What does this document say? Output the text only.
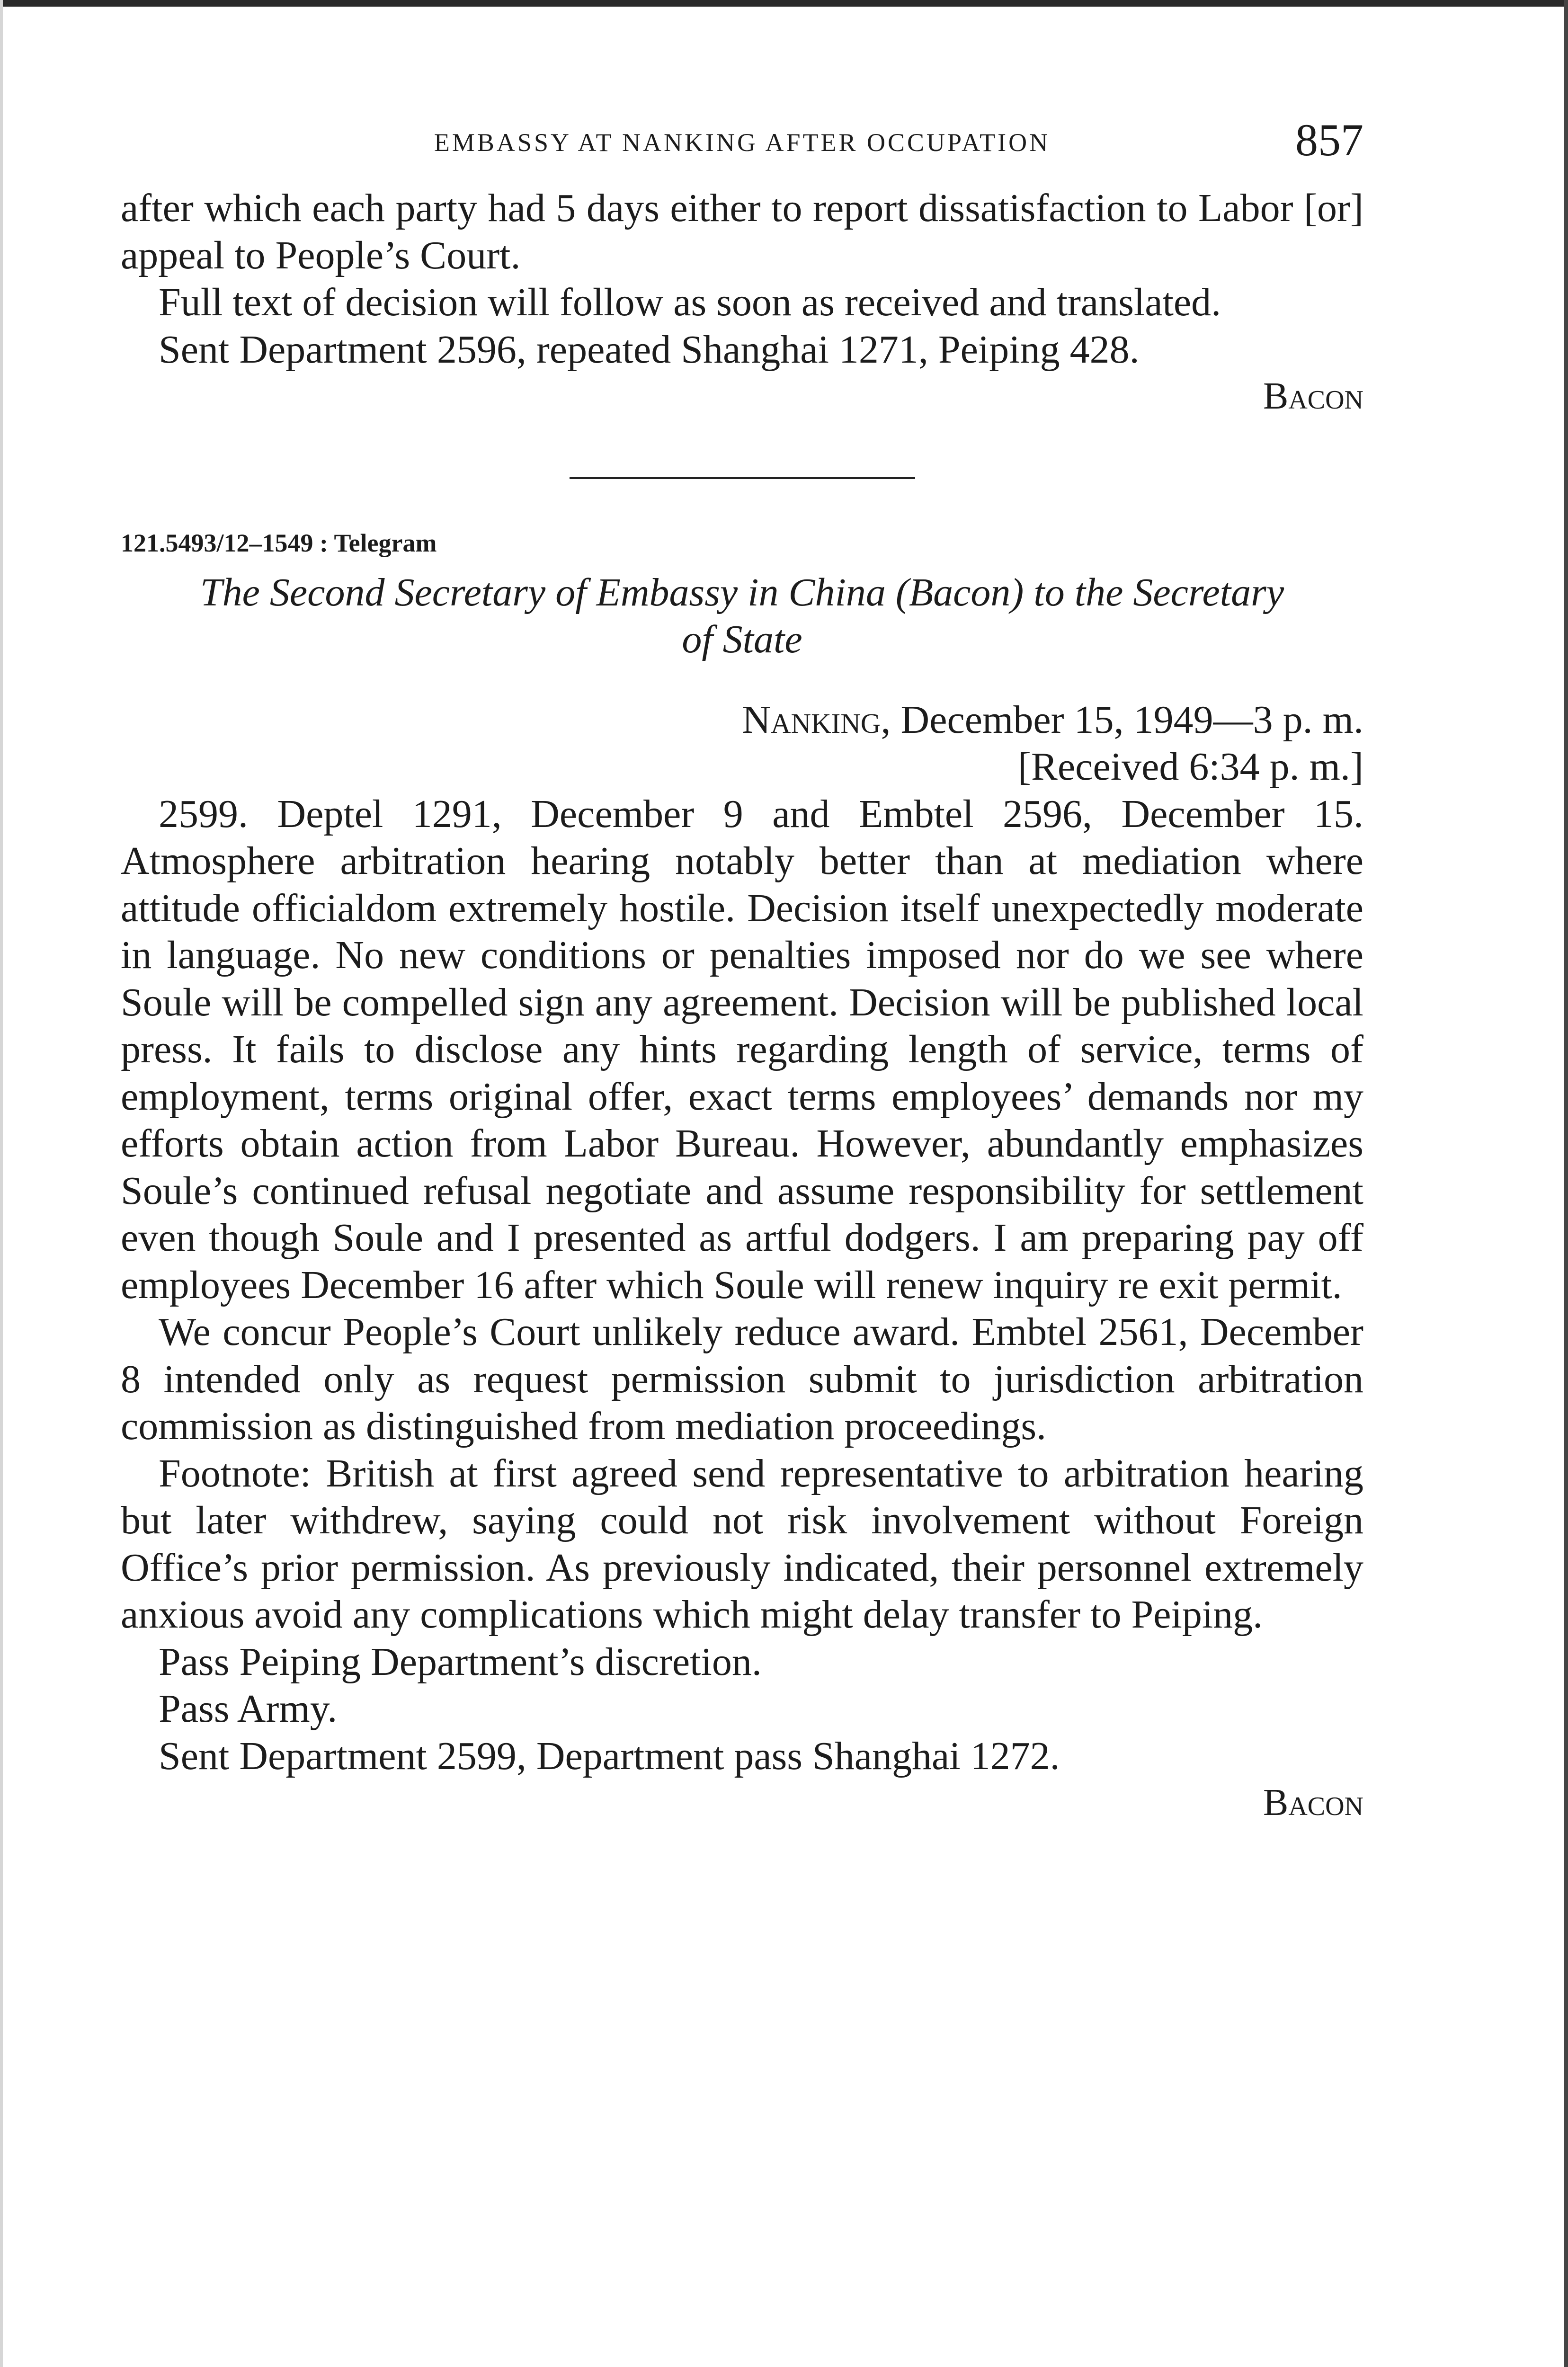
EMBASSY AT NANKING AFTER OCCUPATION	857

after which each party had 5 days either to report dissatisfaction to Labor [or] appeal to People’s Court.

Full text of decision will follow as soon as received and translated.

Sent Department 2596, repeated Shanghai 1271, Peiping 428.

Bacon

121.5493/12–1549 : Telegram
The Second Secretary of Embassy in China (Bacon) to the Secretary
of State

Nanking, December 15, 1949—3 p. m.

[Received 6:34 p. m.]

2599. Deptel 1291, December 9 and Embtel 2596, December 15. Atmosphere arbitration hearing notably better than at mediation where attitude officialdom extremely hostile. Decision itself unexpectedly moderate in language. No new conditions or penalties imposed nor do we see where Soule will be compelled sign any agreement. Decision will be published local press. It fails to disclose any hints regarding length of service, terms of employment, terms original offer, exact terms employees’ demands nor my efforts obtain action from Labor Bureau. However, abundantly emphasizes Soule’s continued refusal negotiate and assume responsibility for settlement even though Soule and I presented as artful dodgers. I am preparing pay off employees December 16 after which Soule will renew inquiry re exit permit.

We concur People’s Court unlikely reduce award. Embtel 2561, December 8 intended only as request permission submit to jurisdiction arbitration commission as distinguished from mediation proceedings.

Footnote: British at first agreed send representative to arbitration hearing but later withdrew, saying could not risk involvement without Foreign Office’s prior permission. As previously indicated, their personnel extremely anxious avoid any complications which might delay transfer to Peiping.

Pass Peiping Department’s discretion.

Pass Army.

Sent Department 2599, Department pass Shanghai 1272.

Bacon
